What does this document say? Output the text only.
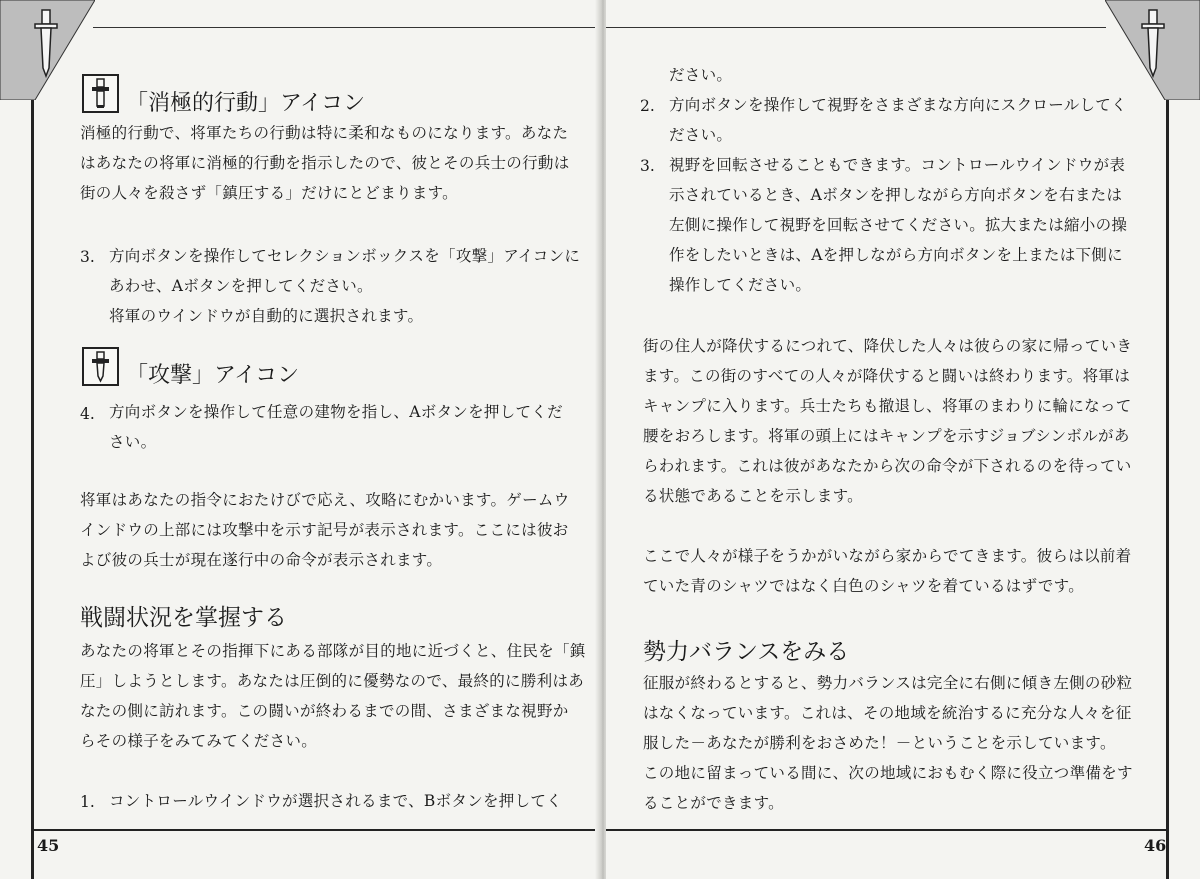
「消極的行動」アイコン
消極的行動で、将軍たちの行動は特に柔和なものになります。あなた
はあなたの将軍に消極的行動を指示したので、彼とその兵士の行動は
街の人々を殺さず「鎮圧する」だけにとどまります。
3. 方向ボタンを操作してセレクションボックスを「攻撃」アイコンに
あわせ、Aボタンを押してください。
将軍のウインドウが自動的に選択されます。
「攻撃」アイコン
4. 方向ボタンを操作して任意の建物を指し、Aボタンを押してくだ
さい。
将軍はあなたの指令におたけびで応え、攻略にむかいます。ゲームウ
インドウの上部には攻撃中を示す記号が表示されます。ここには彼お
よび彼の兵士が現在遂行中の命令が表示されます。
戦闘状況を掌握する
あなたの将軍とその指揮下にある部隊が目的地に近づくと、住民を「鎮
圧」しようとします。あなたは圧倒的に優勢なので、最終的に勝利はあ
なたの側に訪れます。この闘いが終わるまでの間、さまざまな視野か
らその様子をみてみてください。
1. コントロールウインドウが選択されるまで、Bボタンを押してく
45
ださい。
2. 方向ボタンを操作して視野をさまざまな方向にスクロールしてく
ださい。
3. 視野を回転させることもできます。コントロールウインドウが表
示されているとき、Aボタンを押しながら方向ボタンを右または
左側に操作して視野を回転させてください。拡大または縮小の操
作をしたいときは、Aを押しながら方向ボタンを上または下側に
操作してください。
街の住人が降伏するにつれて、降伏した人々は彼らの家に帰っていき
ます。この街のすべての人々が降伏すると闘いは終わります。将軍は
キャンプに入ります。兵士たちも撤退し、将軍のまわりに輪になって
腰をおろします。将軍の頭上にはキャンプを示すジョブシンボルがあ
らわれます。これは彼があなたから次の命令が下されるのを待ってい
る状態であることを示します。
ここで人々が様子をうかがいながら家からでてきます。彼らは以前着
ていた青のシャツではなく白色のシャツを着ているはずです。
勢力バランスをみる
征服が終わるとすると、勢力バランスは完全に右側に傾き左側の砂粒
はなくなっています。これは、その地域を統治するに充分な人々を征
服した－あなたが勝利をおさめた！－ということを示しています。
この地に留まっている間に、次の地域におもむく際に役立つ準備をす
ることができます。
46
